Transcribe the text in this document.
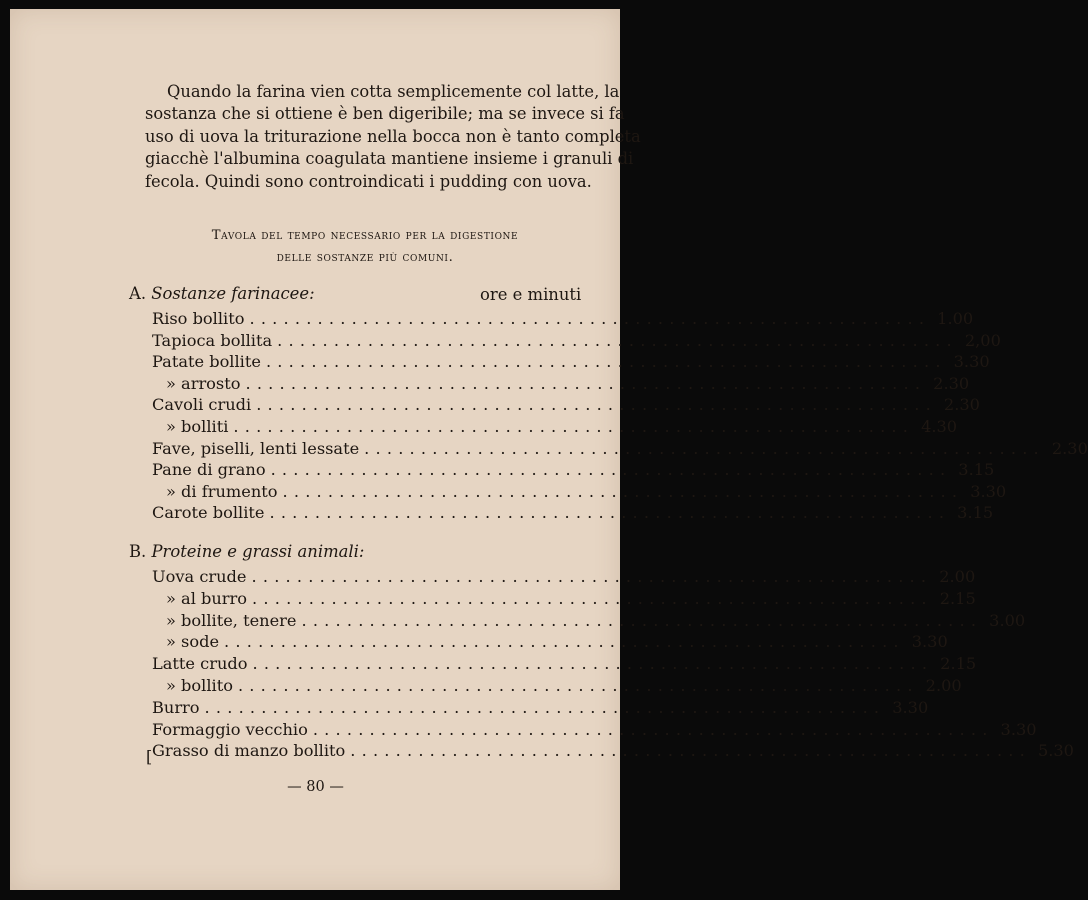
Quando la farina vien cotta semplicemente col latte, la
sostanza che si ottiene è ben digeribile; ma se invece si fa
uso di uova la triturazione nella bocca non è tanto completa
giacchè l'albumina coagulata mantiene insieme i granuli di
fecola. Quindi sono controindicati i pudding con uova.
Tavola del tempo necessario per la digestione
delle sostanze più comuni.
A. Sostanze farinacee:	ore e minuti
Riso bollito ............................................................ 1.00
Tapioca bollita ............................................................ 2,00
Patate bollite ............................................................ 3.30
» arrosto ............................................................ 2.30
Cavoli crudi ............................................................ 2.30
» bolliti ............................................................ 4.30
Fave, piselli, lenti lessate ............................................................ 2.30
Pane di grano ............................................................ 3.15
» di frumento ............................................................ 3.30
Carote bollite ............................................................ 3.15
B. Proteine e grassi animali:
Uova crude ............................................................ 2.00
» al burro ............................................................ 2.15
» bollite, tenere ............................................................ 3.00
» sode ............................................................ 3.30
Latte crudo ............................................................ 2.15
» bollito ............................................................ 2.00
Burro ............................................................ 3.30
Formaggio vecchio ............................................................ 3.30
Grasso di manzo bollito ............................................................ 5.30
[
— 80 —
